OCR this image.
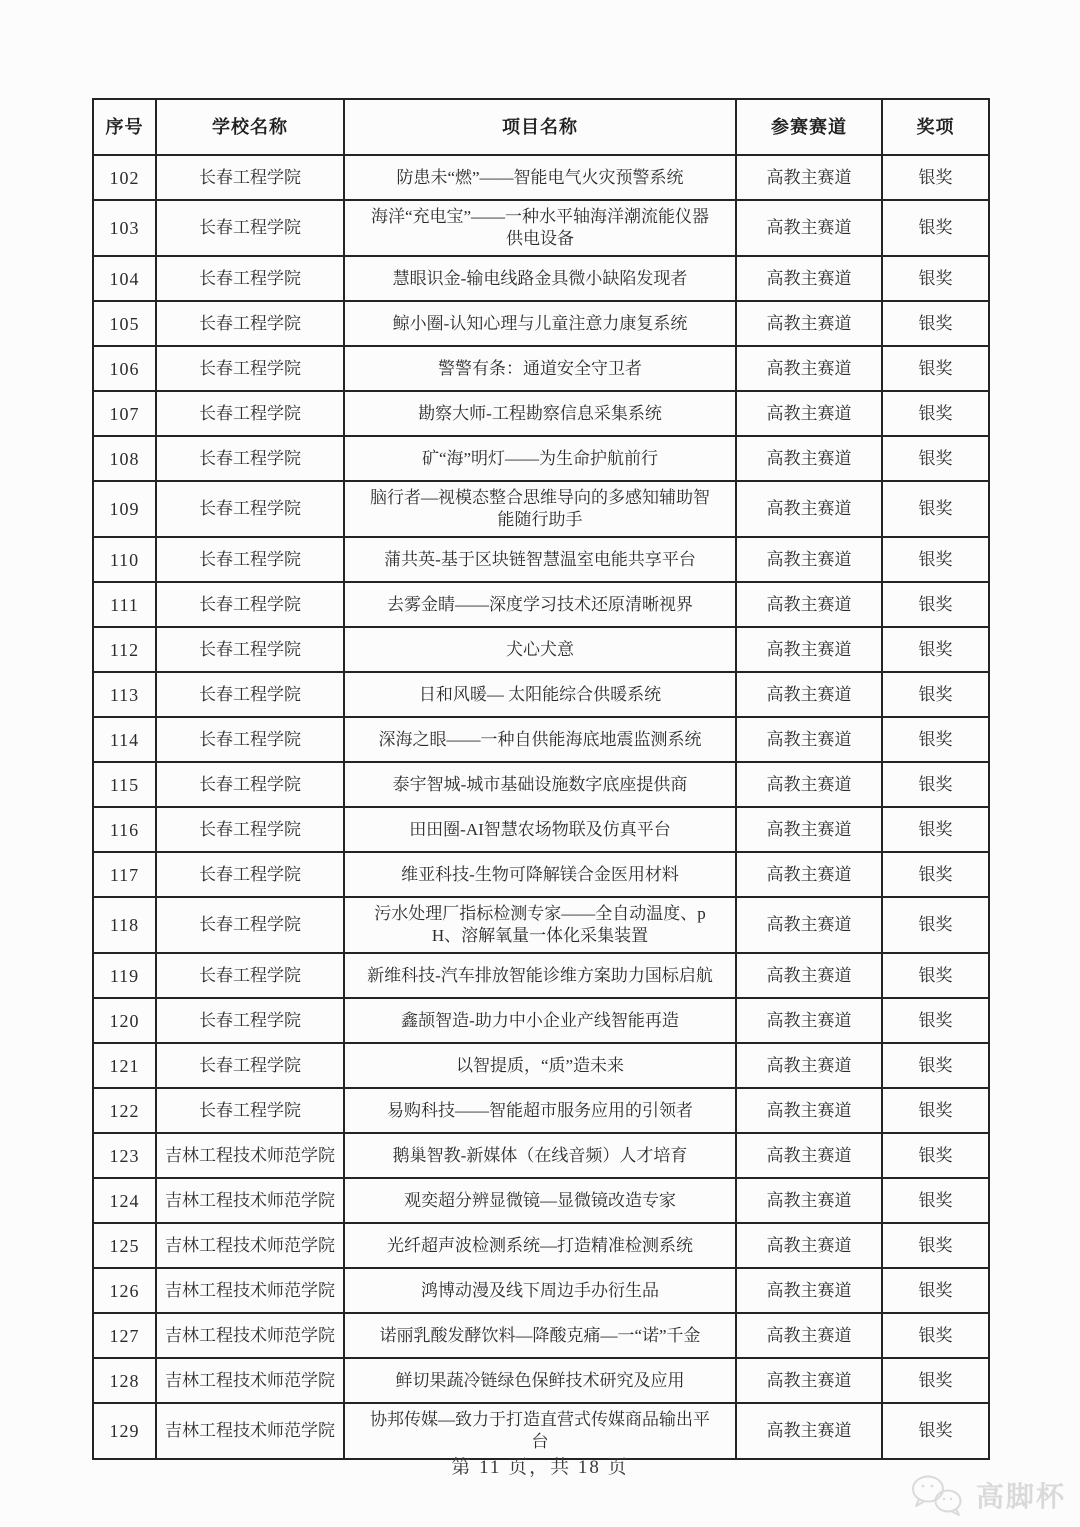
序号	学校名称	项目名称	参赛赛道	奖项
102	长春工程学院	防患未“燃”——智能电气火灾预警系统	高教主赛道	银奖
103	长春工程学院	海洋“充电宝”——一种水平轴海洋潮流能仪器供电设备	高教主赛道	银奖
104	长春工程学院	慧眼识金-输电线路金具微小缺陷发现者	高教主赛道	银奖
105	长春工程学院	鲸小圈-认知心理与儿童注意力康复系统	高教主赛道	银奖
106	长春工程学院	警警有条：通道安全守卫者	高教主赛道	银奖
107	长春工程学院	勘察大师-工程勘察信息采集系统	高教主赛道	银奖
108	长春工程学院	矿“海”明灯——为生命护航前行	高教主赛道	银奖
109	长春工程学院	脑行者—视模态整合思维导向的多感知辅助智能随行助手	高教主赛道	银奖
110	长春工程学院	蒲共英-基于区块链智慧温室电能共享平台	高教主赛道	银奖
111	长春工程学院	去雾金睛——深度学习技术还原清晰视界	高教主赛道	银奖
112	长春工程学院	犬心犬意	高教主赛道	银奖
113	长春工程学院	日和风暖— 太阳能综合供暖系统	高教主赛道	银奖
114	长春工程学院	深海之眼——一种自供能海底地震监测系统	高教主赛道	银奖
115	长春工程学院	泰宇智城-城市基础设施数字底座提供商	高教主赛道	银奖
116	长春工程学院	田田圈-AI智慧农场物联及仿真平台	高教主赛道	银奖
117	长春工程学院	维亚科技-生物可降解镁合金医用材料	高教主赛道	银奖
118	长春工程学院	污水处理厂指标检测专家——全自动温度、pH、溶解氧量一体化采集装置	高教主赛道	银奖
119	长春工程学院	新维科技-汽车排放智能诊维方案助力国标启航	高教主赛道	银奖
120	长春工程学院	鑫颉智造-助力中小企业产线智能再造	高教主赛道	银奖
121	长春工程学院	以智提质，“质”造未来	高教主赛道	银奖
122	长春工程学院	易购科技——智能超市服务应用的引领者	高教主赛道	银奖
123	吉林工程技术师范学院	鹅巢智教-新媒体（在线音频）人才培育	高教主赛道	银奖
124	吉林工程技术师范学院	观奕超分辨显微镜—显微镜改造专家	高教主赛道	银奖
125	吉林工程技术师范学院	光纤超声波检测系统—打造精准检测系统	高教主赛道	银奖
126	吉林工程技术师范学院	鸿博动漫及线下周边手办衍生品	高教主赛道	银奖
127	吉林工程技术师范学院	诺丽乳酸发酵饮料—降酸克痛—一“诺”千金	高教主赛道	银奖
128	吉林工程技术师范学院	鲜切果蔬冷链绿色保鲜技术研究及应用	高教主赛道	银奖
129	吉林工程技术师范学院	协邦传媒—致力于打造直营式传媒商品输出平台	高教主赛道	银奖
第 11 页，共 18 页
高脚杯
